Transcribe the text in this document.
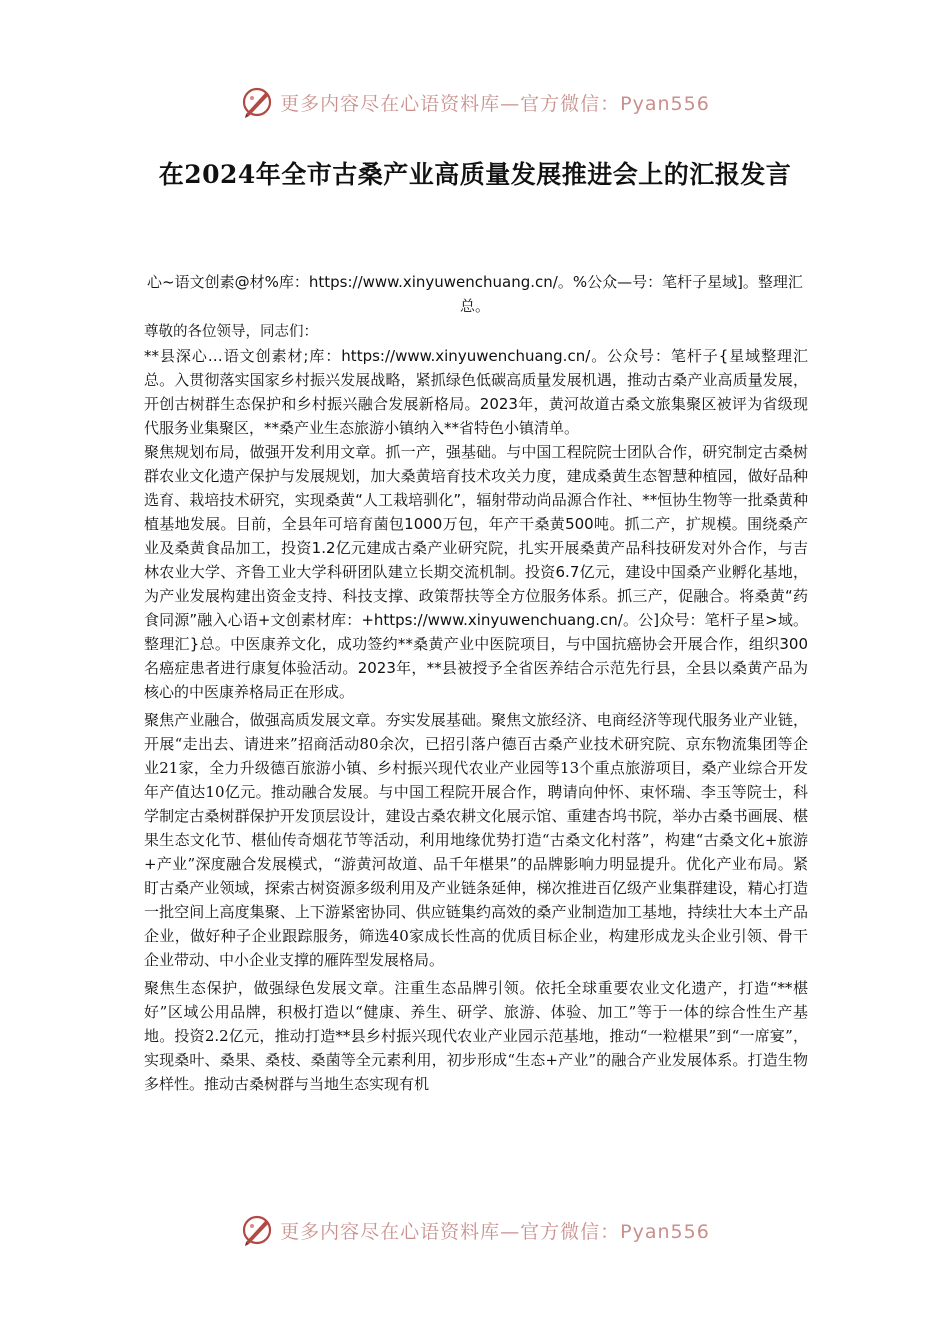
更多内容尽在心语资料库—官方微信：Pyan556
在2024年全市古桑产业高质量发展推进会上的汇报发言

心~语文创素@材%库：https://www.xinyuwenchuang.cn/。%公众—号：笔杆子星域]。整理汇总。

尊敬的各位领导，同志们：

**县深心…语文创素材;库：https://www.xinyuwenchuang.cn/。公众号：笔杆子{星域整理汇总。入贯彻落实国家乡村振兴发展战略，紧抓绿色低碳高质量发展机遇，推动古桑产业高质量发展，开创古树群生态保护和乡村振兴融合发展新格局。2023年，黄河故道古桑文旅集聚区被评为省级现代服务业集聚区，**桑产业生态旅游小镇纳入**省特色小镇清单。

聚焦规划布局，做强开发利用文章。抓一产，强基础。与中国工程院院士团队合作，研究制定古桑树群农业文化遗产保护与发展规划，加大桑黄培育技术攻关力度，建成桑黄生态智慧种植园，做好品种选育、栽培技术研究，实现桑黄“人工栽培驯化”，辐射带动尚品源合作社、**恒协生物等一批桑黄种植基地发展。目前，全县年可培育菌包1000万包，年产干桑黄500吨。抓二产，扩规模。围绕桑产业及桑黄食品加工，投资1.2亿元建成古桑产业研究院，扎实开展桑黄产品科技研发对外合作，与吉林农业大学、齐鲁工业大学科研团队建立长期交流机制。投资6.7亿元，建设中国桑产业孵化基地，为产业发展构建出资金支持、科技支撑、政策帮扶等全方位服务体系。抓三产，促融合。将桑黄“药食同源”融入心语+文创素材库：+https://www.xinyuwenchuang.cn/。公]众号：笔杆子星>域。整理汇}总。中医康养文化，成功签约**桑黄产业中医院项目，与中国抗癌协会开展合作，组织300名癌症患者进行康复体验活动。2023年，**县被授予全省医养结合示范先行县，全县以桑黄产品为核心的中医康养格局正在形成。

聚焦产业融合，做强高质发展文章。夯实发展基础。聚焦文旅经济、电商经济等现代服务业产业链，开展“走出去、请进来”招商活动80余次，已招引落户德百古桑产业技术研究院、京东物流集团等企业21家，全力升级德百旅游小镇、乡村振兴现代农业产业园等13个重点旅游项目，桑产业综合开发年产值达10亿元。推动融合发展。与中国工程院开展合作，聘请向仲怀、束怀瑞、李玉等院士，科学制定古桑树群保护开发顶层设计，建设古桑农耕文化展示馆、重建杏坞书院，举办古桑书画展、椹果生态文化节、椹仙传奇烟花节等活动，利用地缘优势打造“古桑文化村落”，构建“古桑文化+旅游+产业”深度融合发展模式，“游黄河故道、品千年椹果”的品牌影响力明显提升。优化产业布局。紧盯古桑产业领域，探索古树资源多级利用及产业链条延伸，梯次推进百亿级产业集群建设，精心打造一批空间上高度集聚、上下游紧密协同、供应链集约高效的桑产业制造加工基地，持续壮大本土产品企业，做好种子企业跟踪服务，筛选40家成长性高的优质目标企业，构建形成龙头企业引领、骨干企业带动、中小企业支撑的雁阵型发展格局。

聚焦生态保护，做强绿色发展文章。注重生态品牌引领。依托全球重要农业文化遗产，打造“**椹好”区域公用品牌，积极打造以“健康、养生、研学、旅游、体验、加工”等于一体的综合性生产基地。投资2.2亿元，推动打造**县乡村振兴现代农业产业园示范基地，推动“一粒椹果”到“一席宴”，实现桑叶、桑果、桑枝、桑菌等全元素利用，初步形成“生态+产业”的融合产业发展体系。打造生物多样性。推动古桑树群与当地生态实现有机

更多内容尽在心语资料库—官方微信：Pyan556
